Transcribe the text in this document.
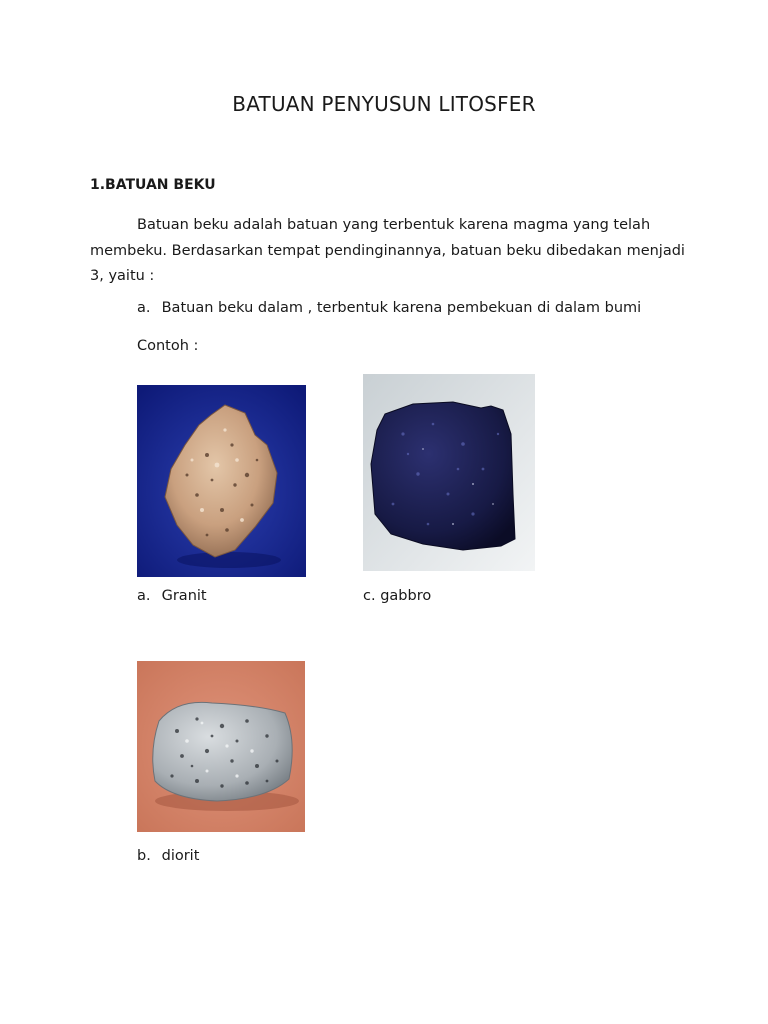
BATUAN PENYUSUN LITOSFER
1.BATUAN BEKU
Batuan beku adalah batuan yang terbentuk karena magma yang telah
membeku. Berdasarkan tempat pendinginannya, batuan beku dibedakan menjadi
3, yaitu :
a. Batuan beku dalam , terbentuk karena pembekuan di dalam bumi
Contoh :
a. Granit	c. gabbro
b. diorit
